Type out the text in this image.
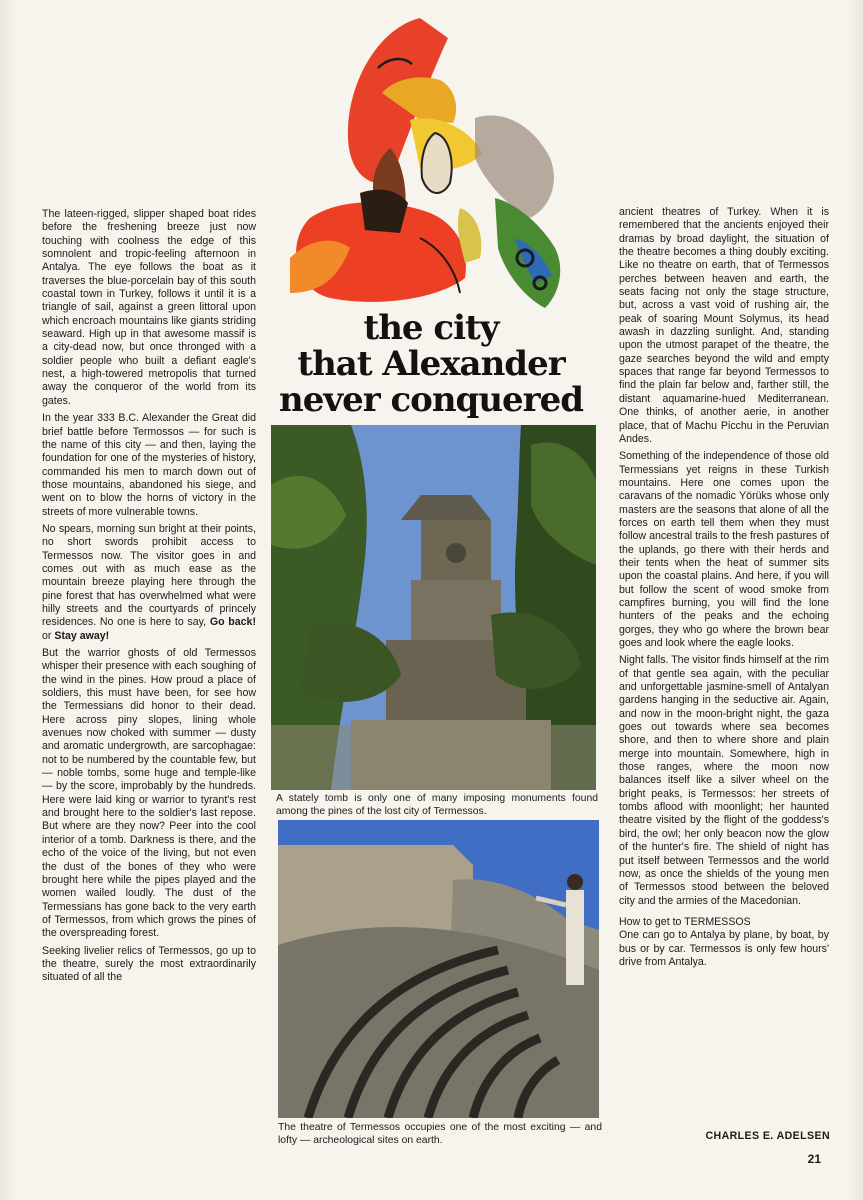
the city
that Alexander
never conquered

The lateen-rigged, slipper shaped boat rides before the freshening breeze just now touching with coolness the edge of this somnolent and tropic-feeling afternoon in Antalya. The eye follows the boat as it traverses the blue-porcelain bay of this south coastal town in Turkey, follows it until it is a triangle of sail, against a green littoral upon which encroach mountains like giants striding seaward. High up in that awesome massif is a city-dead now, but once thronged with a soldier people who built a defiant eagle's nest, a high-towered metropolis that turned away the conqueror of the world from its gates.

In the year 333 B.C. Alexander the Great did brief battle before Termossos — for such is the name of this city — and then, laying the foundation for one of the mysteries of history, commanded his men to march down out of those mountains, abandoned his siege, and went on to blow the horns of victory in the streets of more vulnerable towns.

No spears, morning sun bright at their points, no short swords prohibit access to Termessos now. The visitor goes in and comes out with as much ease as the mountain breeze playing here through the pine forest that has overwhelmed what were hilly streets and the courtyards of princely residences. No one is here to say, Go back! or Stay away!

But the warrior ghosts of old Termessos whisper their presence with each soughing of the wind in the pines. How proud a place of soldiers, this must have been, for see how the Termessians did honor to their dead. Here across piny slopes, lining whole avenues now choked with summer — dusty and aromatic undergrowth, are sarcophagae: not to be numbered by the countable few, but — noble tombs, some huge and temple-like — by the score, improbably by the hundreds. Here were laid king or warrior to tyrant's rest and brought here to the soldier's last repose. But where are they now? Peer into the cool interior of a tomb. Darkness is there, and the echo of the voice of the living, but not even the dust of the bones of they who were brought here while the pipes played and the women wailed loudly. The dust of the Termessians has gone back to the very earth of Termessos, from which grows the pines of the overspreading forest.

Seeking livelier relics of Termessos, go up to the theatre, surely the most extraordinarily situated of all the

A stately tomb is only one of many imposing monuments found among the pines of the lost city of Termessos.
The theatre of Termessos occupies one of the most exciting — and lofty — archeological sites on earth.

ancient theatres of Turkey. When it is remembered that the ancients enjoyed their dramas by broad daylight, the situation of the theatre becomes a thing doubly exciting. Like no theatre on earth, that of Termessos perches between heaven and earth, the seats facing not only the stage structure, but, across a vast void of rushing air, the peak of soaring Mount Solymus, its head awash in dazzling sunlight. And, standing upon the utmost parapet of the theatre, the gaze searches beyond the wild and empty spaces that range far beyond Termessos to find the plain far below and, farther still, the distant aquamarine-hued Mediterranean. One thinks, of another aerie, in another place, that of Machu Picchu in the Peruvian Andes.

Something of the independence of those old Termessians yet reigns in these Turkish mountains. Here one comes upon the caravans of the nomadic Yörüks whose only masters are the seasons that alone of all the forces on earth tell them when they must follow ancestral trails to the fresh pastures of the uplands, go there with their herds and their tents when the heat of summer sits upon the coastal plains. And here, if you will but follow the scent of wood smoke from campfires burning, you will find the lone hunters of the peaks and the echoing gorges, they who go where the brown bear goes and look where the eagle looks.

Night falls. The visitor finds himself at the rim of that gentle sea again, with the peculiar and unforgettable jasmine-smell of Antalyan gardens hanging in the seductive air. Again, and now in the moon-bright night, the gaza goes out towards where sea becomes shore, and then to where shore and plain merge into mountain. Somewhere, high in those ranges, where the moon now balances itself like a silver wheel on the bright peaks, is Termessos: her streets of tombs aflood with moonlight; her haunted theatre visited by the flight of the goddess's bird, the owl; her only beacon now the glow of the hunter's fire. The shield of night has put itself between Termessos and the world now, as once the shields of the young men of Termessos stood between the beloved city and the armies of the Macedonian.

How to get to TERMESSOS

One can go to Antalya by plane, by boat, by bus or by car. Termessos is only few hours' drive from Antalya.

CHARLES E. ADELSEN
21
